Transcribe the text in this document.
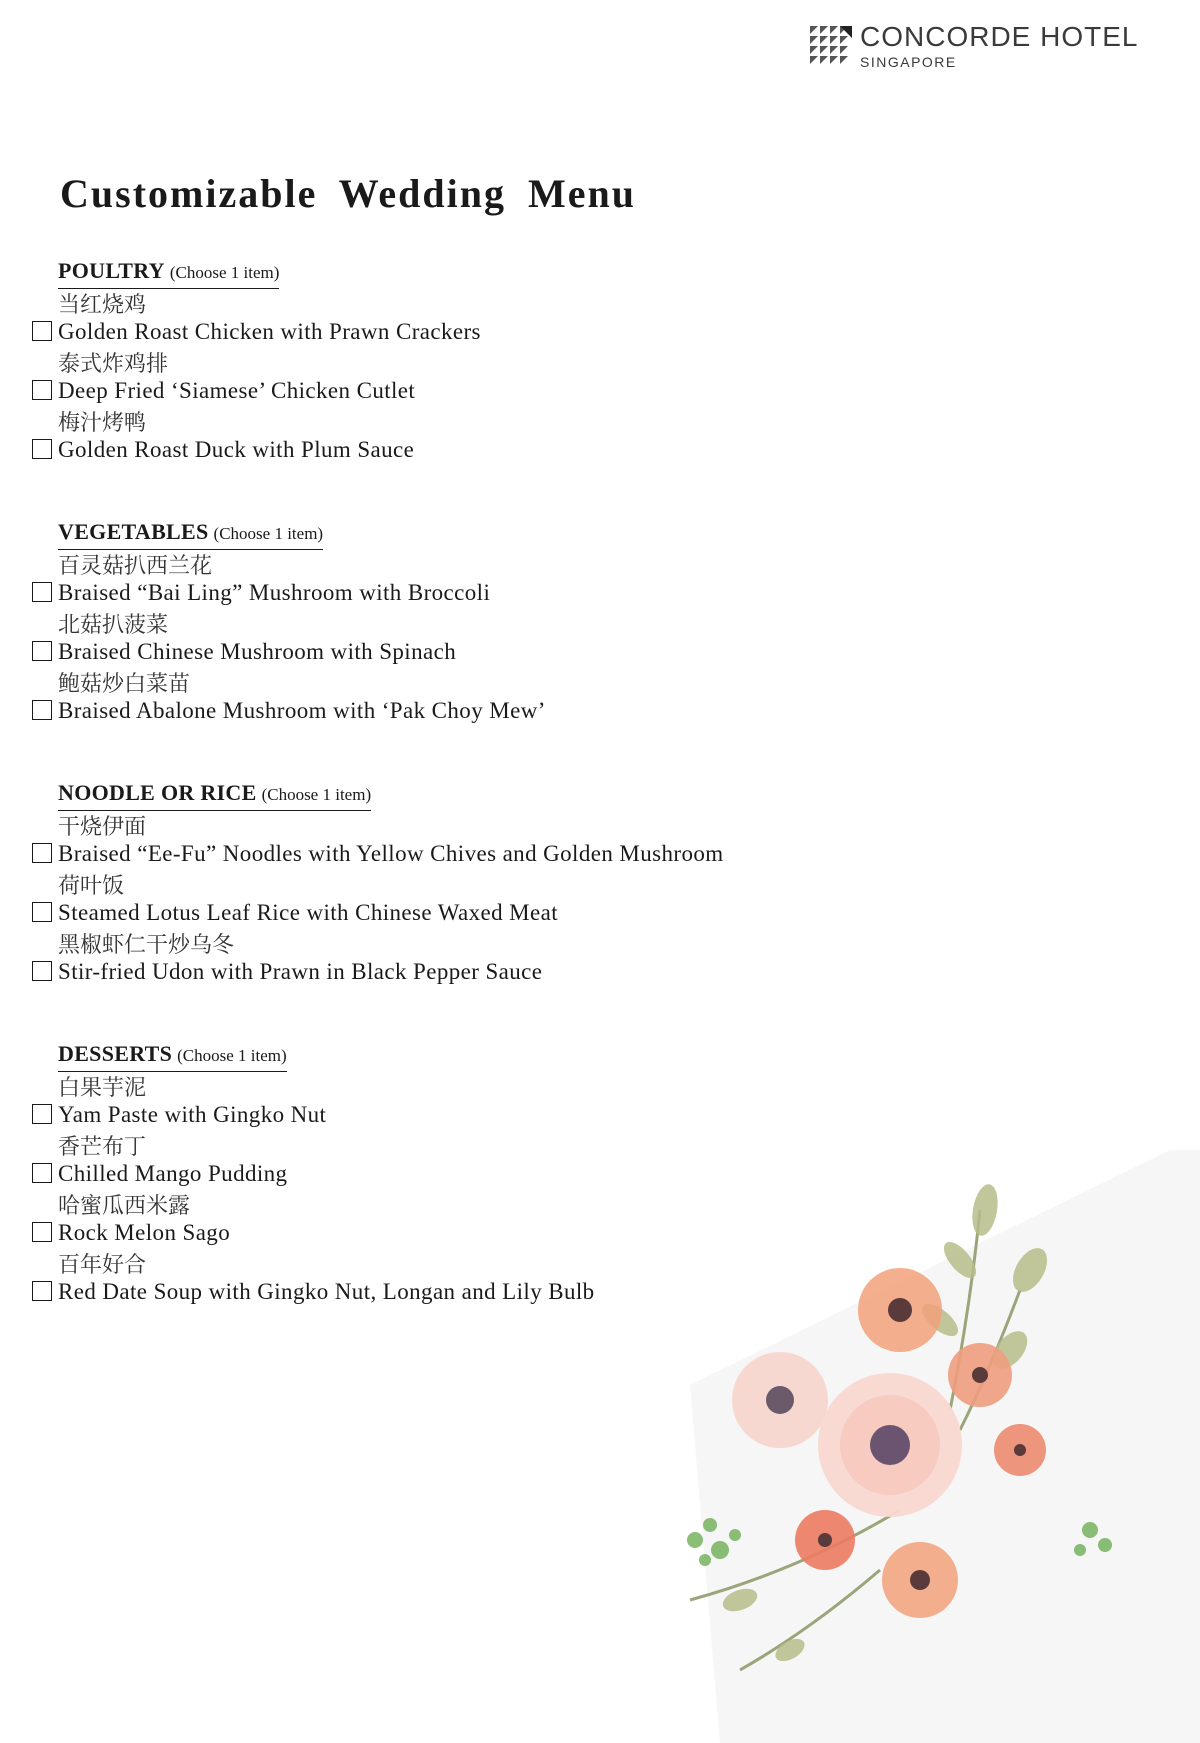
CONCORDE HOTEL
SINGAPORE
Customizable Wedding Menu
POULTRY (Choose 1 item)
当红烧鸡
Golden Roast Chicken with Prawn Crackers
泰式炸鸡排
Deep Fried ‘Siamese’ Chicken Cutlet
梅汁烤鸭
Golden Roast Duck with Plum Sauce
VEGETABLES (Choose 1 item)
百灵菇扒西兰花
Braised “Bai Ling” Mushroom with Broccoli
北菇扒菠菜
Braised Chinese Mushroom with Spinach
鲍菇炒白菜苗
Braised Abalone Mushroom with ‘Pak Choy Mew’
NOODLE OR RICE (Choose 1 item)
干烧伊面
Braised “Ee-Fu” Noodles with Yellow Chives and Golden Mushroom
荷叶饭
Steamed Lotus Leaf Rice with Chinese Waxed Meat
黑椒虾仁干炒乌冬
Stir-fried Udon with Prawn in Black Pepper Sauce
DESSERTS (Choose 1 item)
白果芋泥
Yam Paste with Gingko Nut
香芒布丁
Chilled Mango Pudding
哈蜜瓜西米露
Rock Melon Sago
百年好合
Red Date Soup with Gingko Nut, Longan and Lily Bulb
